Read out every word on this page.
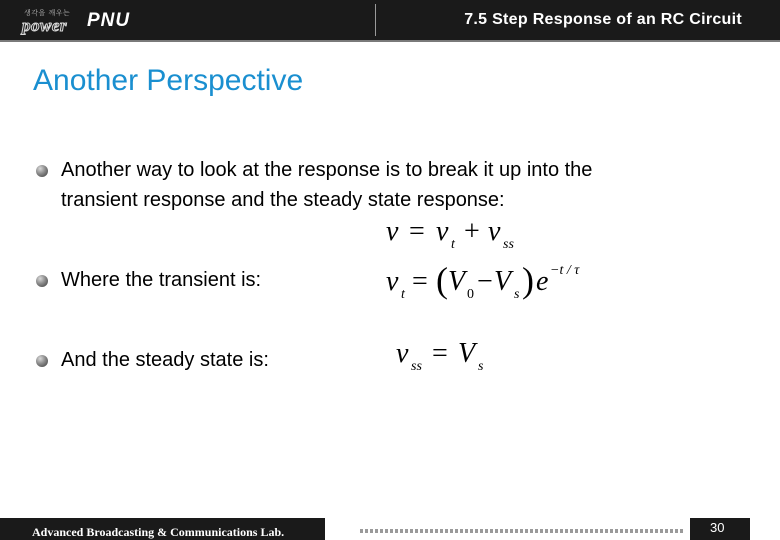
생각을 깨우는
power PNU	7.5 Step Response of an RC Circuit
Another Perspective
Another way to look at the response is to break it up into the
transient response and the steady state response:
v = v t + v ss
Where the transient is:	v t = ( V 0 − V s ) e −t / τ
And the steady state is:	v ss = V s
Advanced Broadcasting & Communications Lab.	30
